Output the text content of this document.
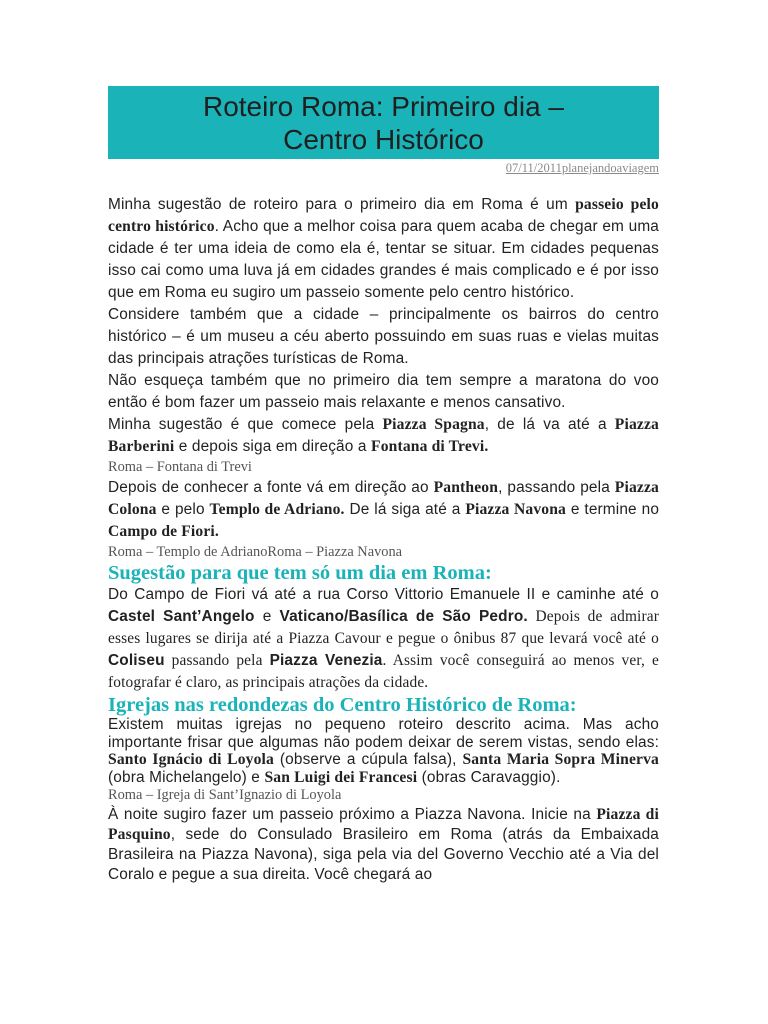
Roteiro Roma: Primeiro dia –
Centro Histórico
07/11/2011planejandoaviagem

Minha sugestão de roteiro para o primeiro dia em Roma é um passeio pelo centro histórico. Acho que a melhor coisa para quem acaba de chegar em uma cidade é ter uma ideia de como ela é, tentar se situar. Em cidades pequenas isso cai como uma luva já em cidades grandes é mais complicado e é por isso que em Roma eu sugiro um passeio somente pelo centro histórico.

Considere também que a cidade – principalmente os bairros do centro histórico – é um museu a céu aberto possuindo em suas ruas e vielas muitas das principais atrações turísticas de Roma.

Não esqueça também que no primeiro dia tem sempre a maratona do voo então é bom fazer um passeio mais relaxante e menos cansativo.

Minha sugestão é que comece pela Piazza Spagna, de lá va até a Piazza Barberini e depois siga em direção a Fontana di Trevi.

Roma – Fontana di Trevi

Depois de conhecer a fonte vá em direção ao Pantheon, passando pela Piazza Colona e pelo Templo de Adriano. De lá siga até a Piazza Navona e termine no Campo de Fiori.

Roma – Templo de AdrianoRoma – Piazza Navona
Sugestão para que tem só um dia em Roma:

Do Campo de Fiori vá até a rua Corso Vittorio Emanuele II e caminhe até o Castel Sant’Angelo e Vaticano/Basílica de São Pedro. Depois de admirar esses lugares se dirija até a Piazza Cavour e pegue o ônibus 87 que levará você até o Coliseu passando pela Piazza Venezia. Assim você conseguirá ao menos ver, e fotografar é claro, as principais atrações da cidade.

Igrejas nas redondezas do Centro Histórico de Roma:

Existem muitas igrejas no pequeno roteiro descrito acima. Mas acho importante frisar que algumas não podem deixar de serem vistas, sendo elas: Santo Ignácio di Loyola (observe a cúpula falsa), Santa Maria Sopra Minerva (obra Michelangelo) e San Luigi dei Francesi (obras Caravaggio).

Roma – Igreja di Sant’Ignazio di Loyola

À noite sugiro fazer um passeio próximo a Piazza Navona. Inicie na Piazza di Pasquino, sede do Consulado Brasileiro em Roma (atrás da Embaixada Brasileira na Piazza Navona), siga pela via del Governo Vecchio até a Via del Coralo e pegue a sua direita. Você chegará ao
